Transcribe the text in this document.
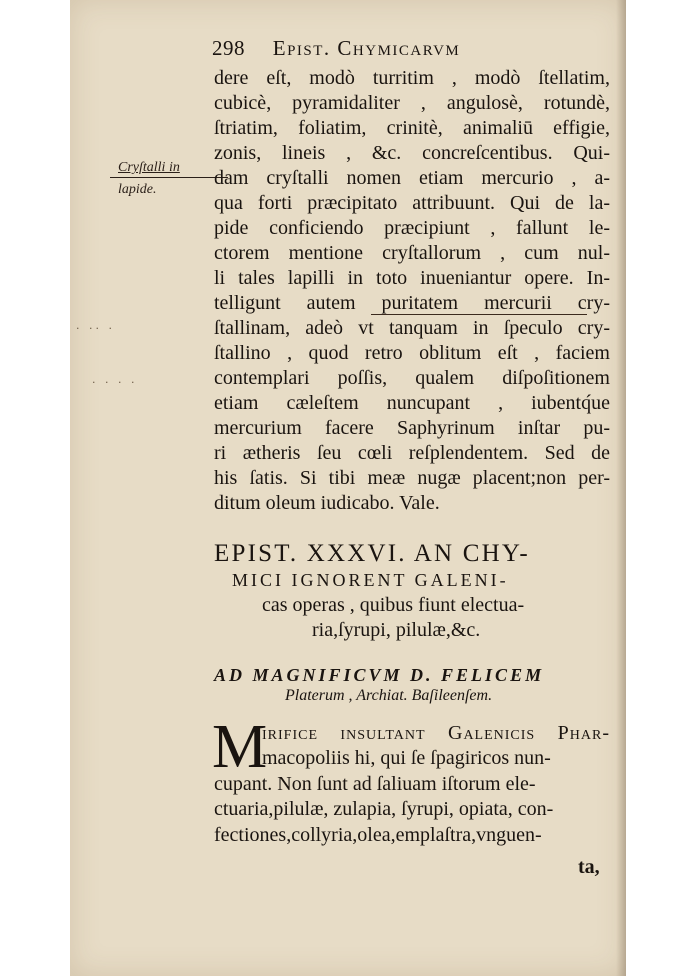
298 Epist. Chymicarvm
Cryſtalli in
lapide.
· ·· ·
· · · ·
dere eſt, modò turritim , modò ſtellatim,
cubicè, pyramidaliter , angulosè, rotundè,
ſtriatim, foliatim, crinitè, animaliū effigie,
zonis, lineis , &c. concreſcentibus. Qui-
dam cryſtalli nomen etiam mercurio , a-
qua forti præcipitato attribuunt. Qui de la-
pide conficiendo præcipiunt , fallunt le-
ctorem mentione cryſtallorum , cum nul-
li tales lapilli in toto inueniantur opere. In-
telligunt autem puritatem mercurii cry-
ſtallinam, adeò vt tanquam in ſpeculo cry-
ſtallino , quod retro oblitum eſt , faciem
contemplari poſſis, qualem diſpoſitionem
etiam cæleſtem nuncupant , iubentq́ue
mercurium facere Saphyrinum inſtar pu-
ri ætheris ſeu cœli reſplendentem. Sed de
his ſatis. Si tibi meæ nugæ placent;non per-
ditum oleum iudicabo. Vale.
EPIST. XXXVI. AN CHY-
MICI IGNORENT GALENI-
cas operas , quibus fiunt electua-
ria,ſyrupi, pilulæ,&c.
AD MAGNIFICVM D. FELICEM
Platerum , Archiat. Baſileenſem.
M
irifice inſultant Galenicis Phar-
macopoliis hi, qui ſe ſpagiricos nun-
cupant. Non ſunt ad ſaliuam iſtorum ele-
ctuaria,pilulæ, zulapia, ſyrupi, opiata, con-
fectiones,collyria,olea,emplaſtra,vnguen-
ta,
